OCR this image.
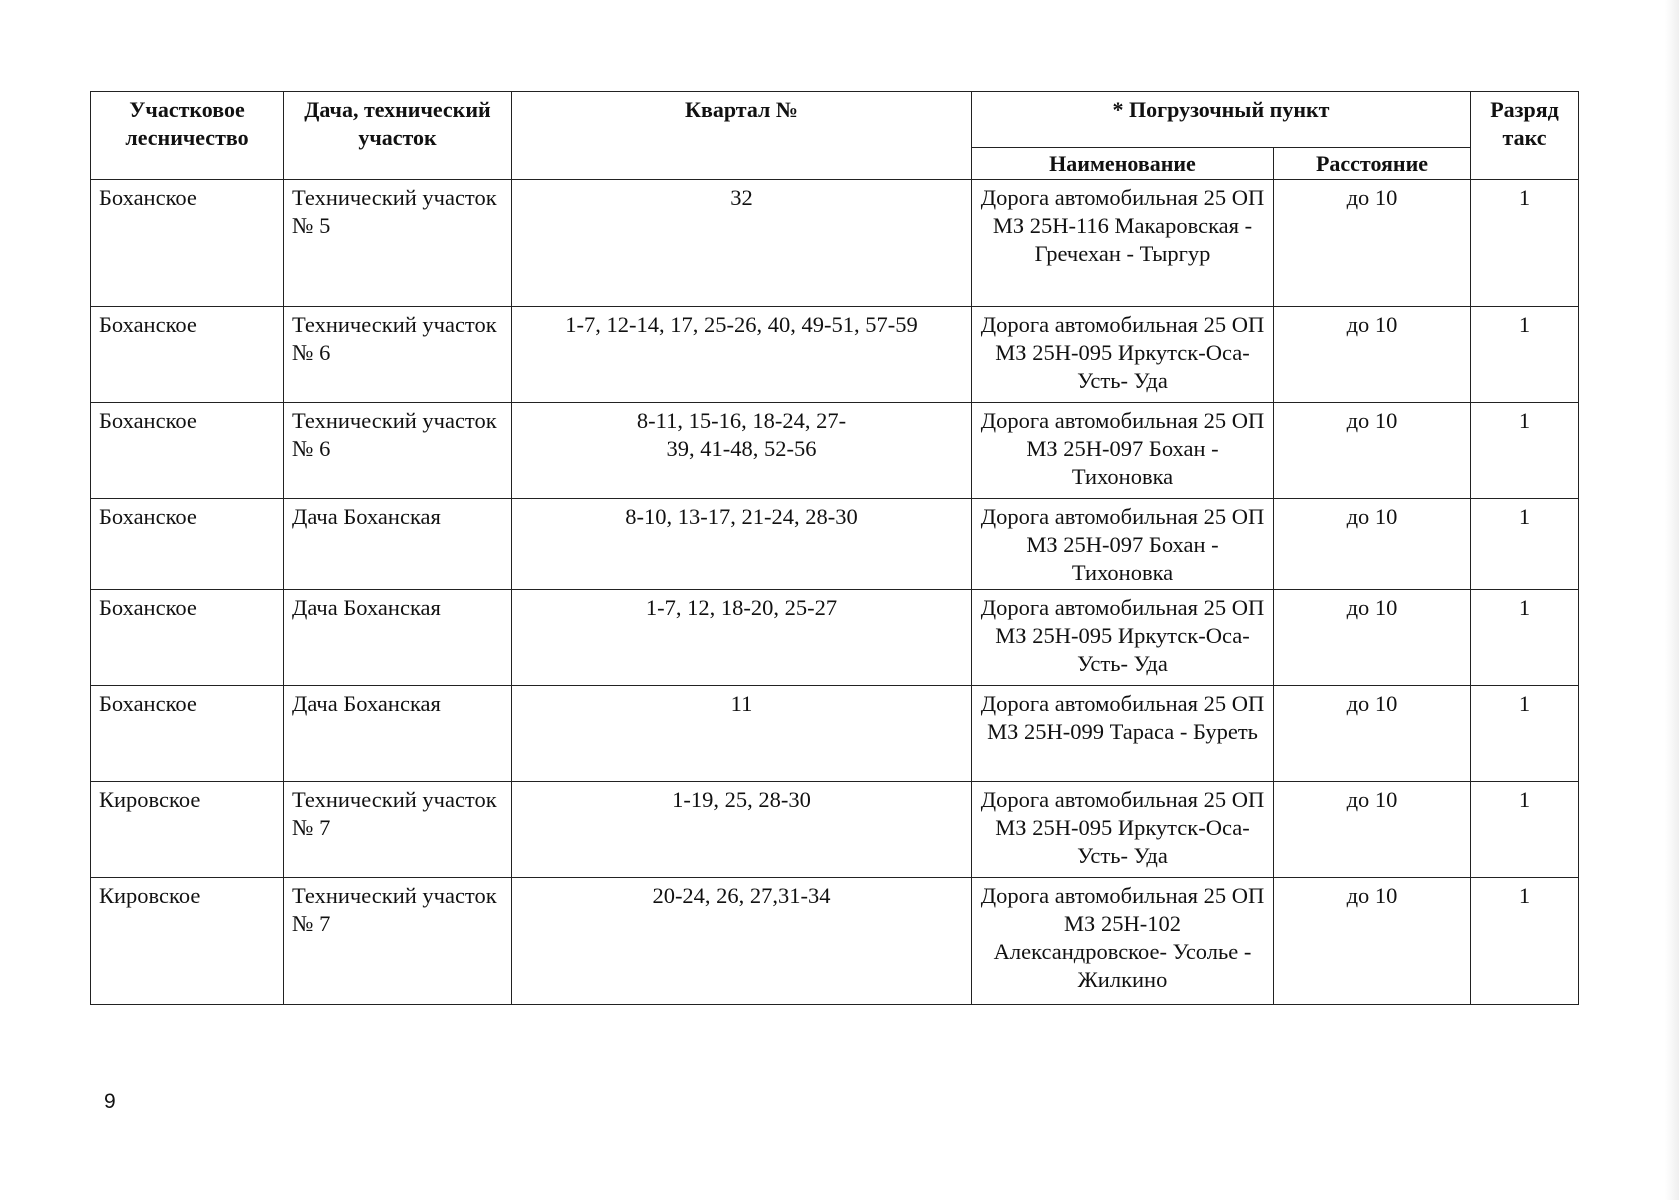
Участковое лесничество	Дача, технический участок	Квартал №	* Погрузочный пункт		Разряд такс
			Наименование	Расстояние	
Боханское	Технический участок № 5	32	Дорога автомобильная 25 ОП МЗ 25Н-116 Макаровская - Гречехан - Тыргур	до 10	1
Боханское	Технический участок № 6	1-7, 12-14, 17, 25-26, 40, 49-51, 57-59	Дорога автомобильная 25 ОП МЗ 25Н-095 Иркутск-Оса-Усть- Уда	до 10	1
Боханское	Технический участок № 6	8-11, 15-16, 18-24, 27-39, 41-48, 52-56	Дорога автомобильная 25 ОП МЗ 25Н-097 Бохан - Тихоновка	до 10	1
Боханское	Дача Боханская	8-10, 13-17, 21-24, 28-30	Дорога автомобильная 25 ОП МЗ 25Н-097 Бохан - Тихоновка	до 10	1
Боханское	Дача Боханская	1-7, 12, 18-20, 25-27	Дорога автомобильная 25 ОП МЗ 25Н-095 Иркутск-Оса-Усть- Уда	до 10	1
Боханское	Дача Боханская	11	Дорога автомобильная 25 ОП МЗ 25Н-099 Тараса - Буреть	до 10	1
Кировское	Технический участок № 7	1-19, 25, 28-30	Дорога автомобильная 25 ОП МЗ 25Н-095 Иркутск-Оса-Усть- Уда	до 10	1
Кировское	Технический участок № 7	20-24, 26, 27,31-34	Дорога автомобильная 25 ОП МЗ 25Н-102 Александровское- Усолье - Жилкино	до 10	1
9
